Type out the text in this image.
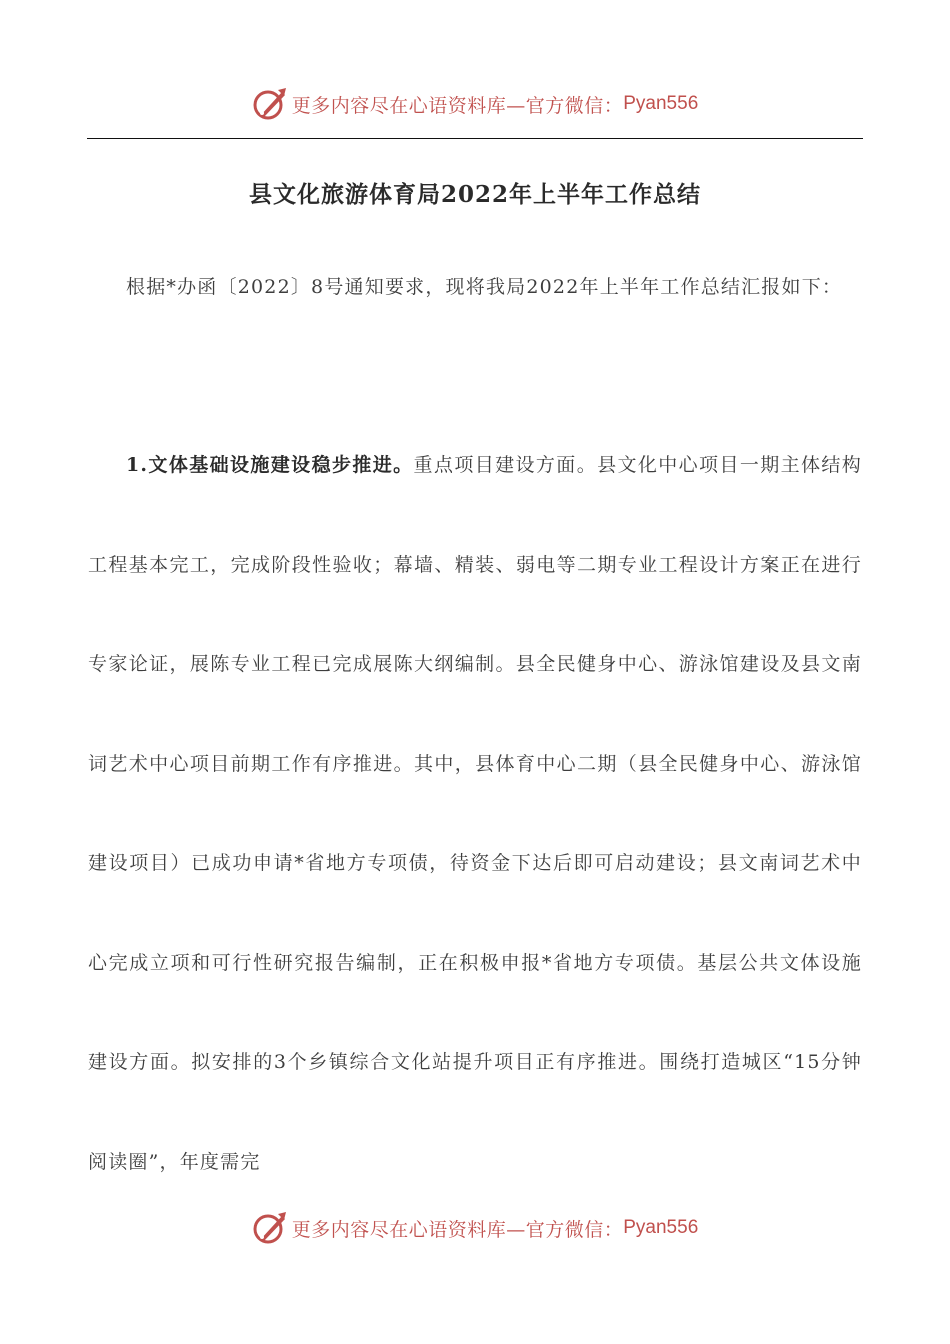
更多内容尽在心语资料库—官方微信： Pyan556
县文化旅游体育局2022年上半年工作总结

根据*办函〔2022〕8号通知要求，现将我局2022年上半年工作总结汇报如下：

1.文体基础设施建设稳步推进。重点项目建设方面。县文化中心项目一期主体结构工程基本完工，完成阶段性验收；幕墙、精装、弱电等二期专业工程设计方案正在进行专家论证，展陈专业工程已完成展陈大纲编制。县全民健身中心、游泳馆建设及县文南词艺术中心项目前期工作有序推进。其中，县体育中心二期（县全民健身中心、游泳馆建设项目）已成功申请*省地方专项债，待资金下达后即可启动建设；县文南词艺术中心完成立项和可行性研究报告编制，正在积极申报*省地方专项债。基层公共文体设施建设方面。拟安排的3个乡镇综合文化站提升项目正有序推进。围绕打造城区“15分钟阅读圈”，年度需完

更多内容尽在心语资料库—官方微信： Pyan556
